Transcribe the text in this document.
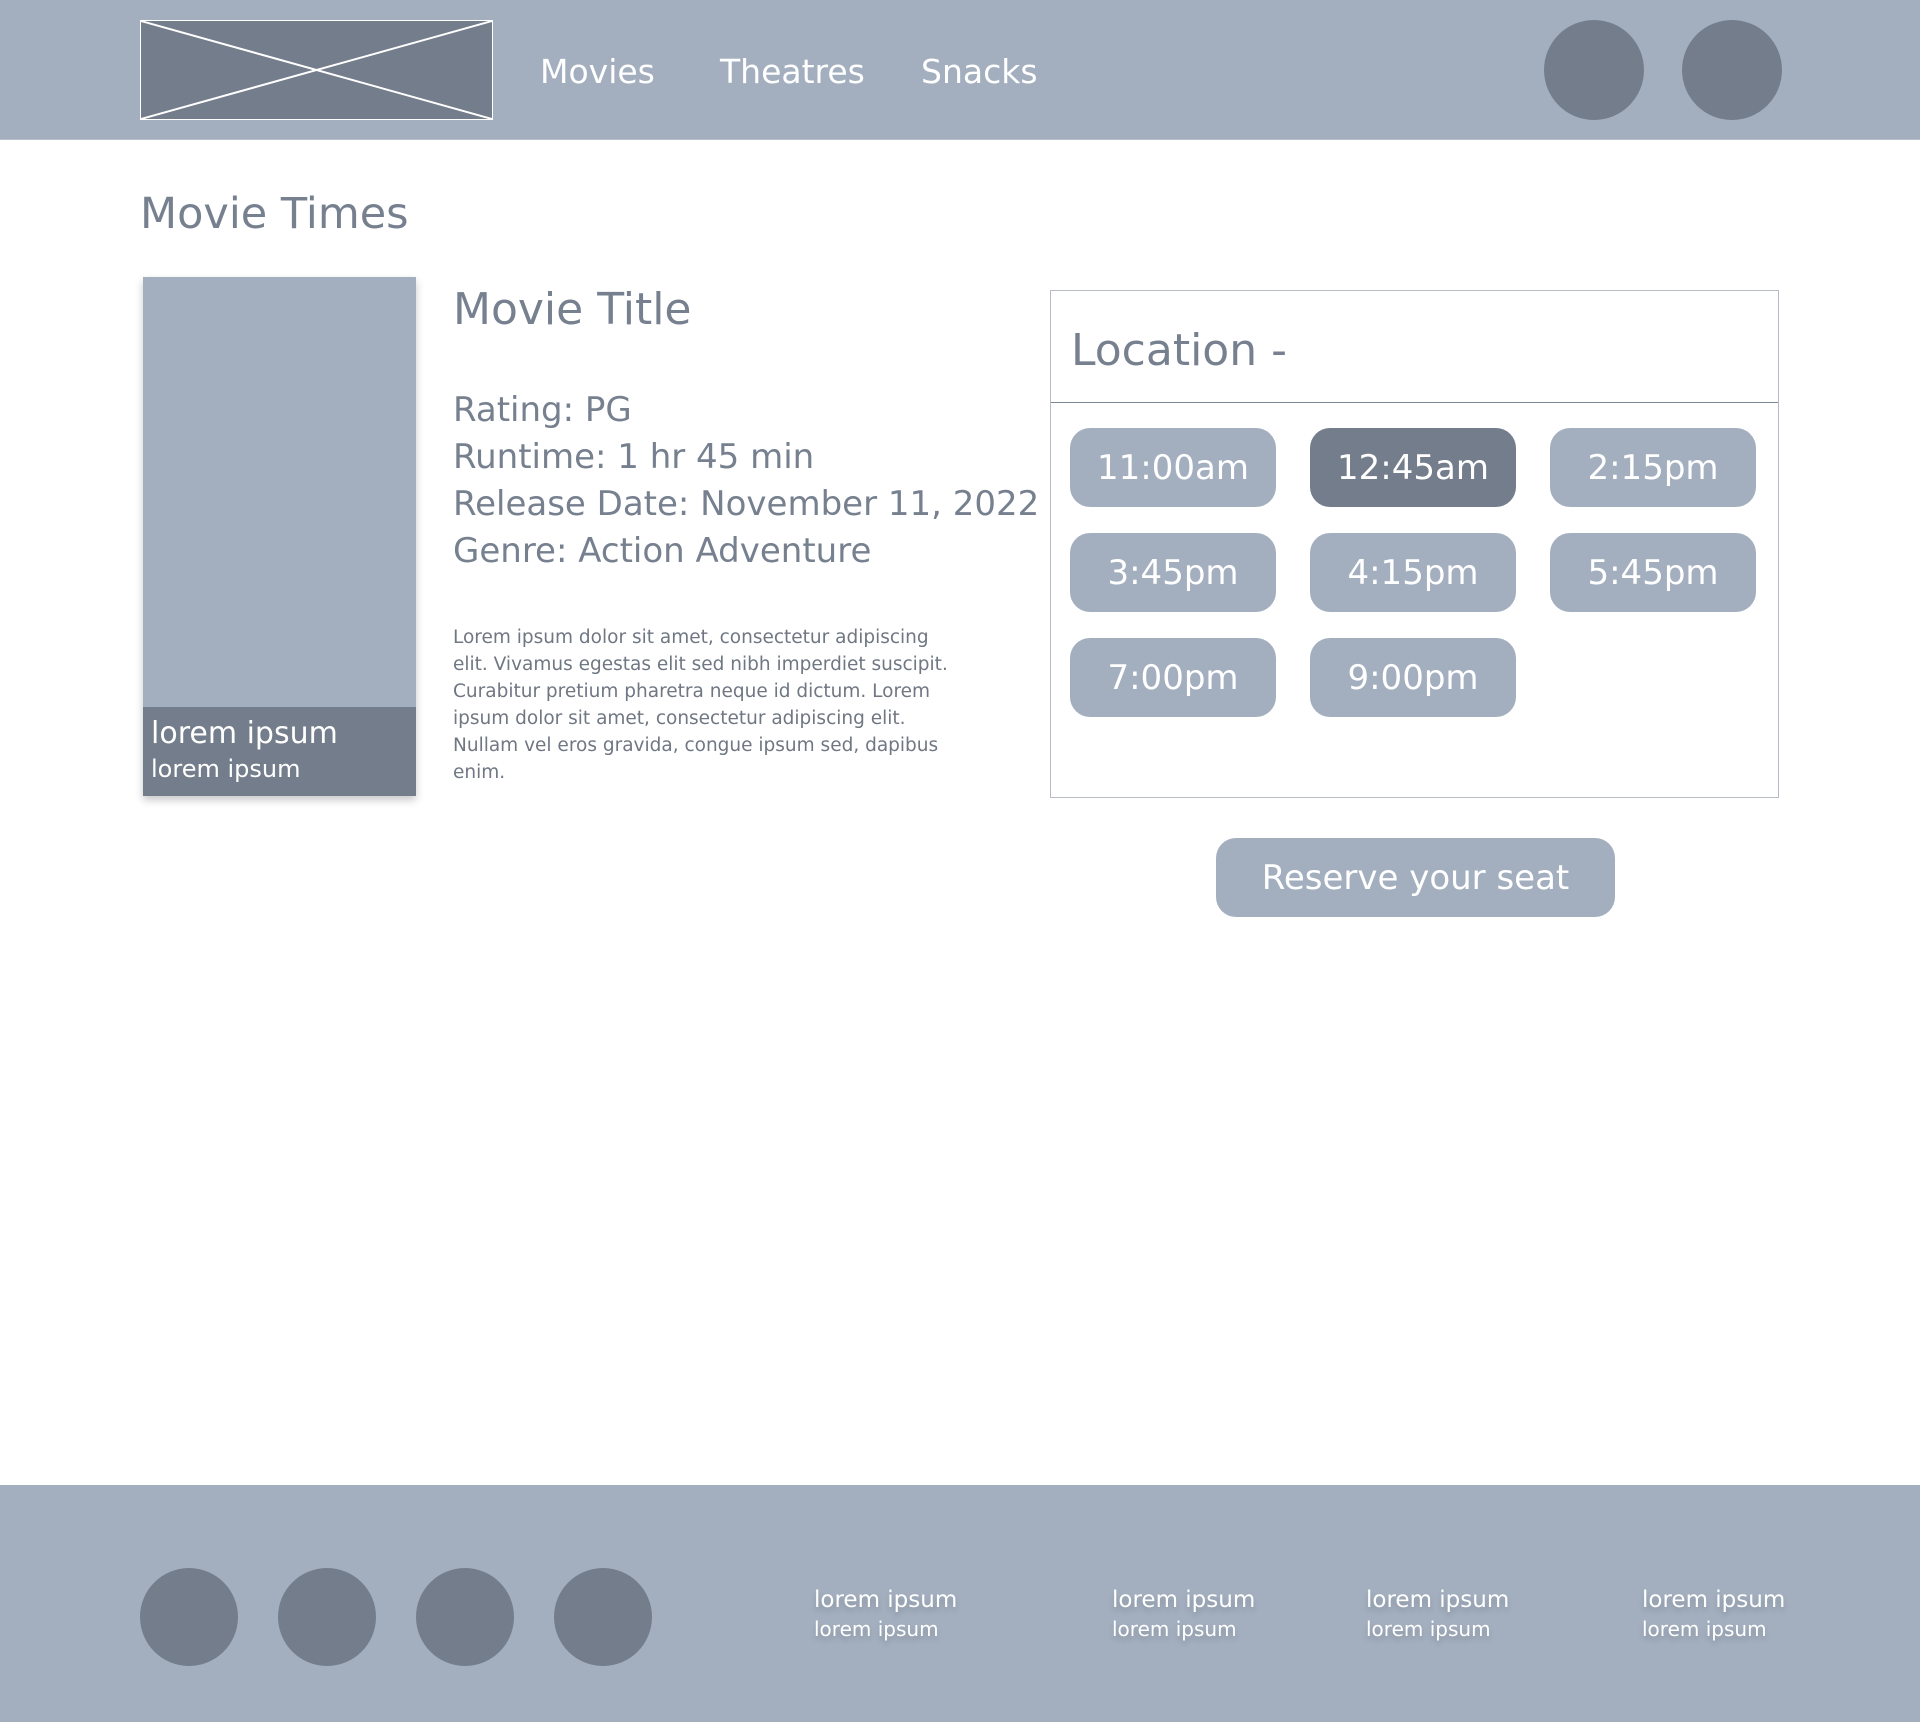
Movies Theatres Snacks
Movie Times
lorem ipsum
lorem ipsum
Movie Title
Rating: PG
Runtime: 1 hr 45 min
Release Date: November 11, 2022
Genre: Action Adventure
Lorem ipsum dolor sit amet, consectetur adipiscing elit. Vivamus egestas elit sed nibh imperdiet suscipit. Curabitur pretium pharetra neque id dictum. Lorem ipsum dolor sit amet, consectetur adipiscing elit. Nullam vel eros gravida, congue ipsum sed, dapibus enim.
Location -
11:00am	12:45am	2:15pm
3:45pm	4:15pm	5:45pm
7:00pm	9:00pm
Reserve your seat
lorem ipsum
lorem ipsum
lorem ipsum
lorem ipsum
lorem ipsum
lorem ipsum
lorem ipsum
lorem ipsum
